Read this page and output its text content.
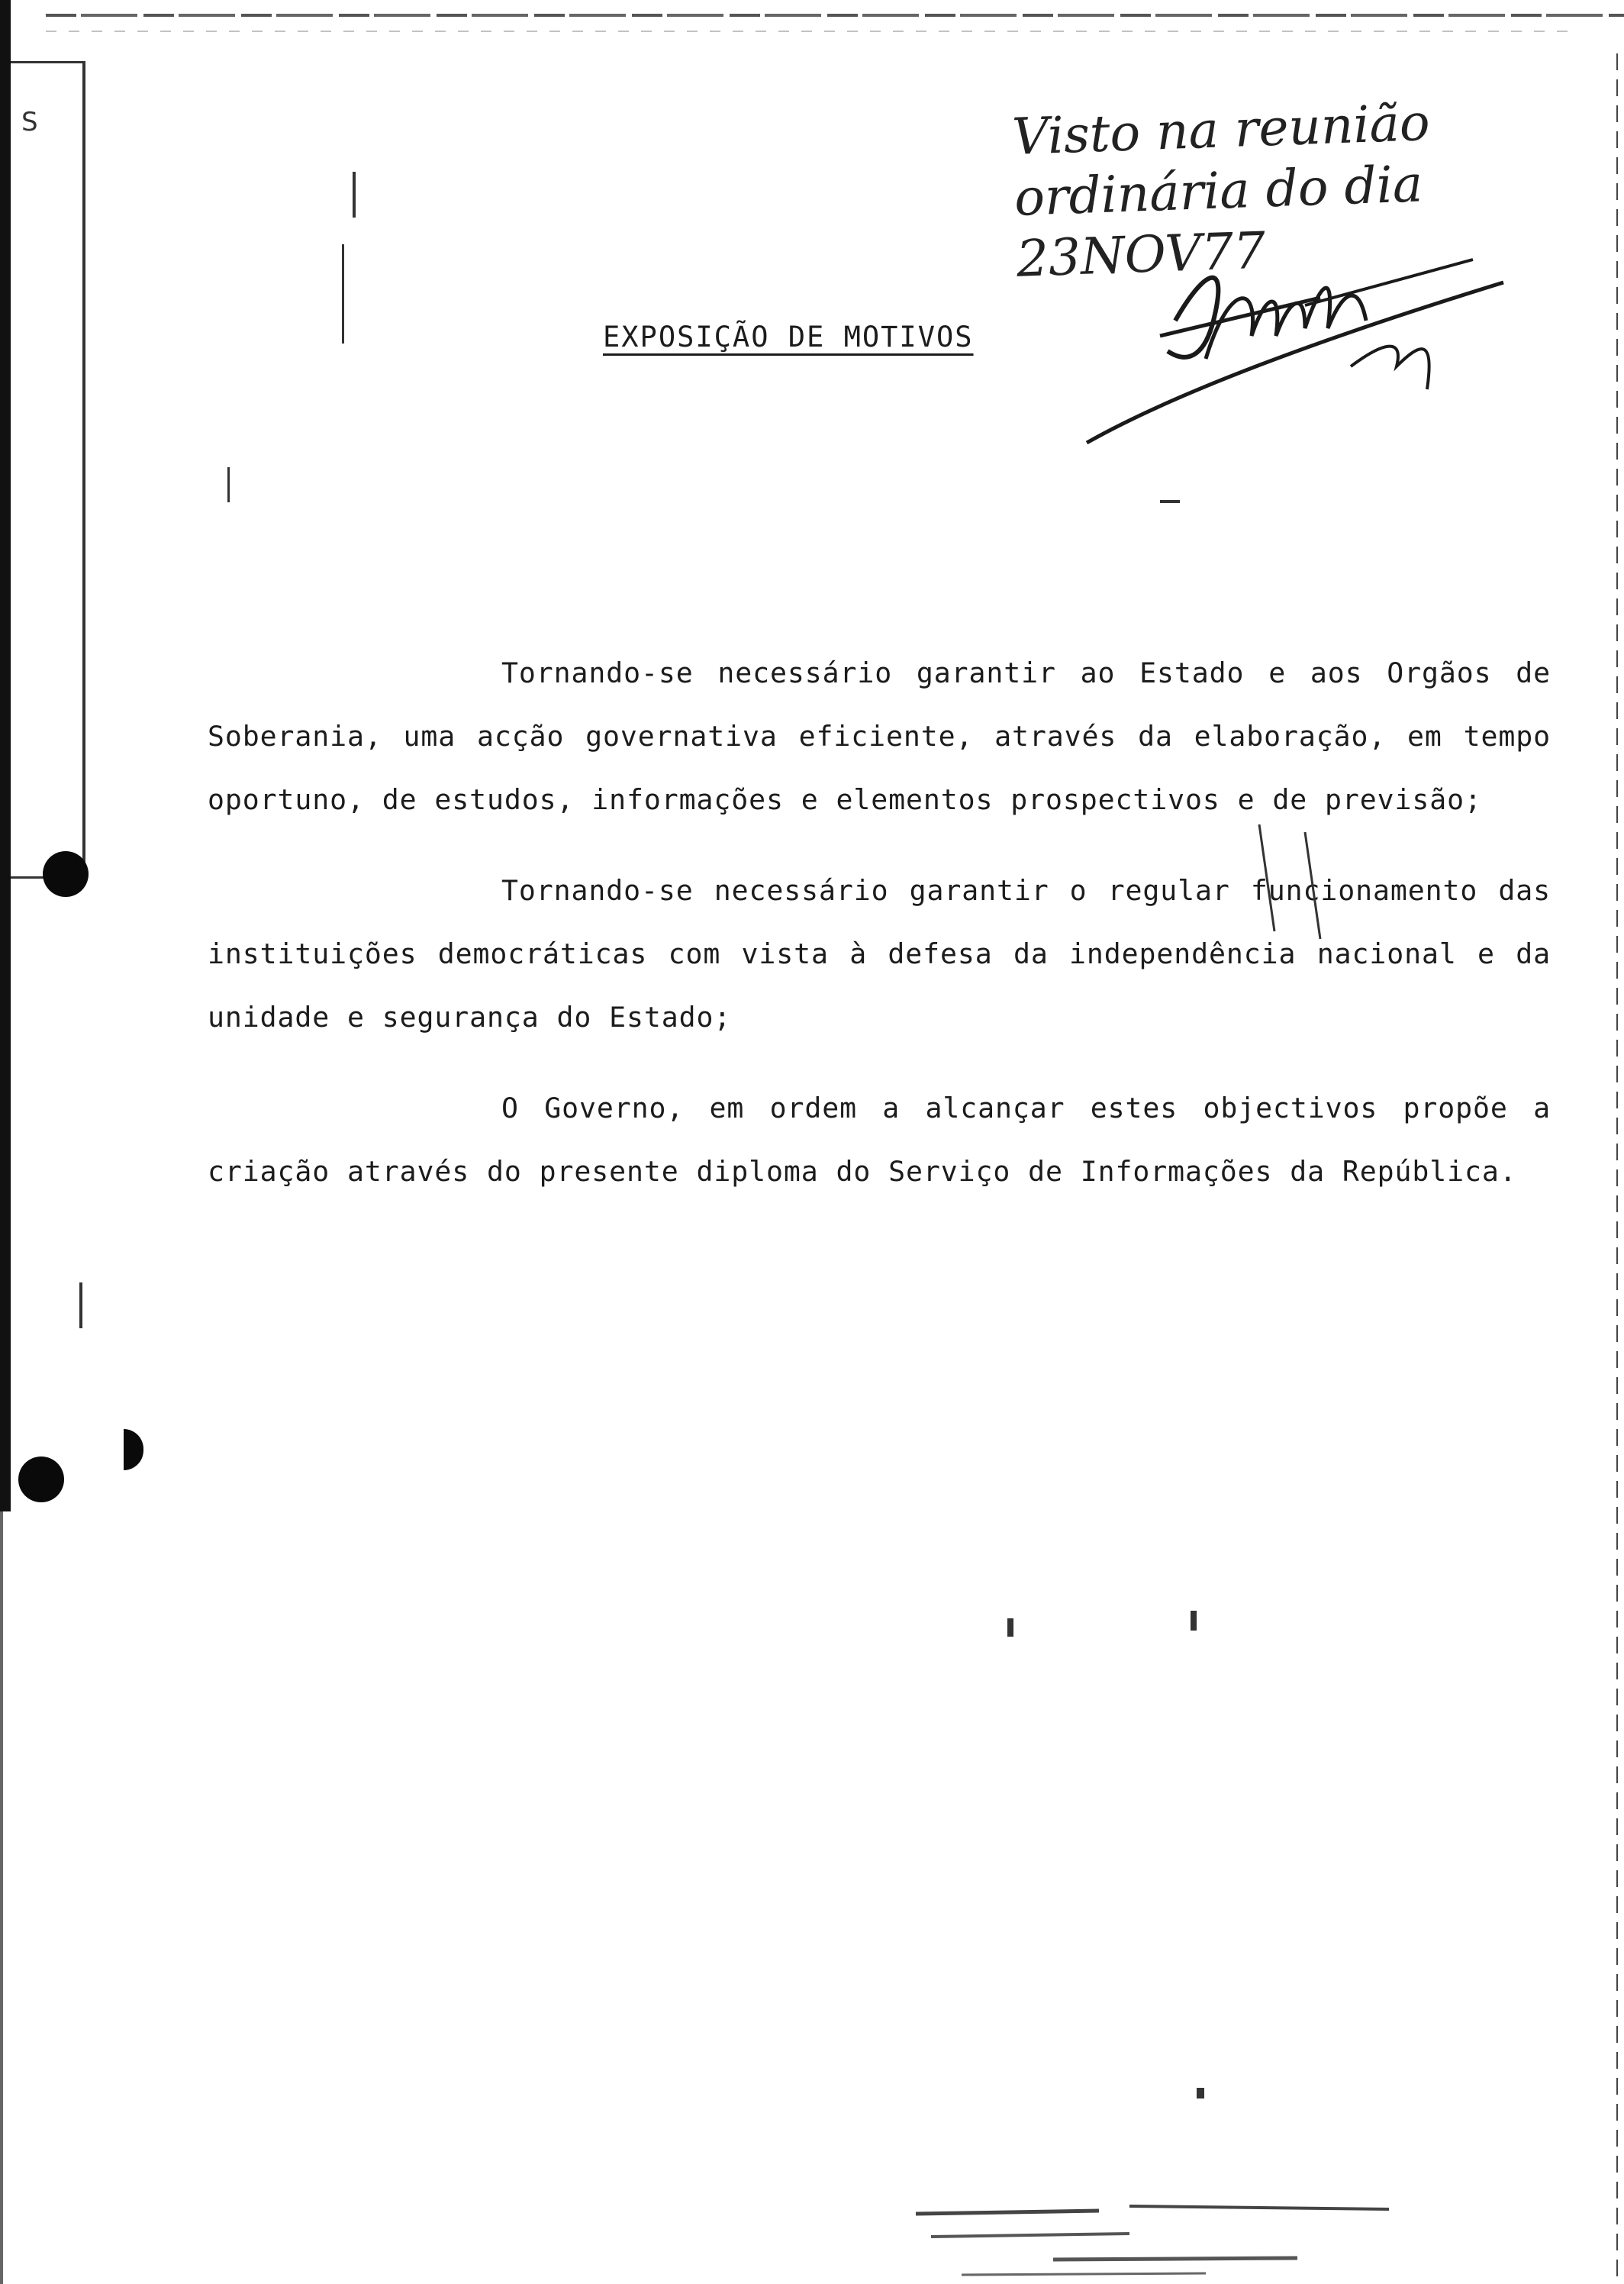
S	Visto na reunião ordinária do dia 23NOV77

EXPOSIÇÃO DE MOTIVOS

Tornando-se necessário garantir ao Estado e aos Orgãos de Soberania, uma acção governativa eficiente, através da elaboração, em tempo oportuno, de estudos, informações e elementos prospectivos e de previsão;

Tornando-se necessário garantir o regular funcionamento das instituições democráticas com vista à defesa da independência nacional e da unidade e segurança do Estado;

O Governo, em ordem a alcançar estes objectivos propõe a criação através do presente diploma do Serviço de Informações da República.
